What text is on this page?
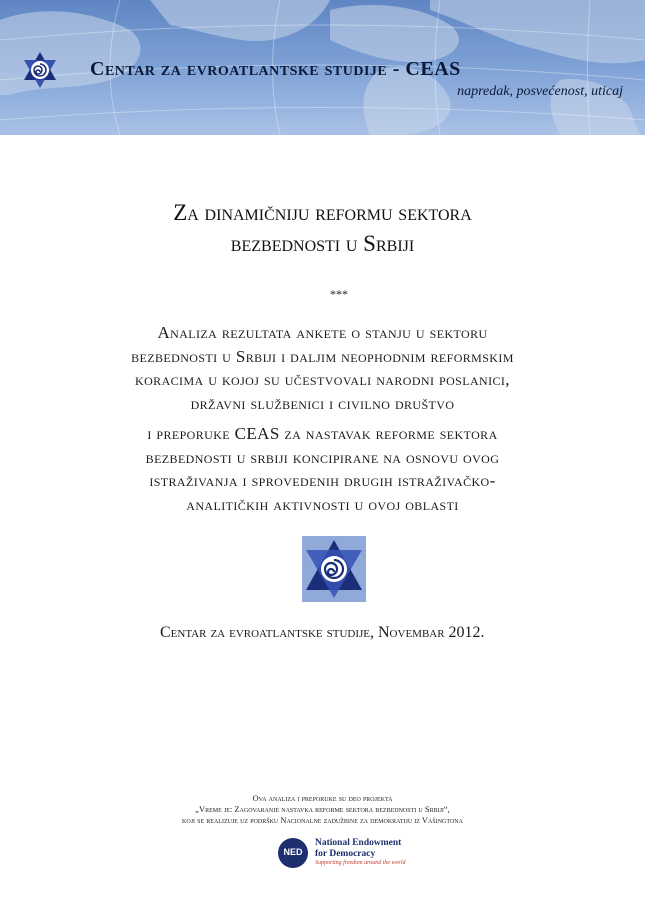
Centar za evroatlantske studije - CEAS
napredak, posvećenost, uticaj
Za dinamičniju reformu sektora
bezbednosti u Srbiji
***
Analiza rezultata ankete o stanju u sektoru
bezbednosti u Srbiji i daljim neophodnim reformskim
koracima u kojoj su učestvovali narodni poslanici,
državni službenici i civilno društvo
i preporuke CEAS za nastavak reforme sektora
bezbednosti u srbiji koncipirane na osnovu ovog
istraživanja i sprovedenih drugih istraživačko-
analitičkih aktivnosti u ovoj oblasti
Centar za evroatlantske studije, Novembar 2012.
Ova analiza i preporuke su deo projekta
„Vreme je: Zagovaranje nastavka reforme sektora bezbednosti u Srbiji“,
koji se realizuje uz podršku Nacionalne zadužbine za demokratiju iz Vašingtona
NED
National Endowment
for Democracy
Supporting freedom around the world
